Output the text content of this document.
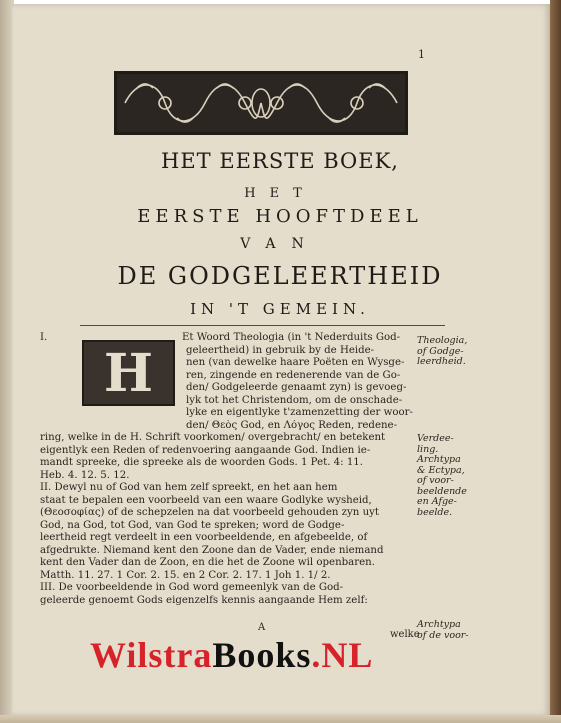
1
HET EERSTE BOEK,
HET
EERSTE HOOFTDEEL
VAN
DE GODGELEERTHEID
IN 'T GEMEIN.
H
I.	Et Woord Theologia (in 't Nederduits God-
geleertheid) in gebruik by de Heide-
nen (van dewelke haare Poëten en Wysge-
ren, zingende en redenerende van de Go-
den/ Godgeleerde genaamt zyn) is gevoeg-
lyk tot het Christendom, om de onschade-
lyke en eigentlyke t'zamenzetting der woor-
den/ Θεὸς God, en Λόγος Reden, redene-
ring, welke in de H. Schrift voorkomen/ overgebracht/ en betekent
eigentlyk een Reden of redenvoering aangaande God. Indien ie-
mandt spreeke, die spreeke als de woorden Gods. 1 Pet. 4: 11.
Heb. 4. 12. 5. 12.
II. Dewyl nu of God van hem zelf spreekt, en het aan hem
staat te bepalen een voorbeeld van een waare Godlyke wysheid,
(Θεοσοφίας) of de schepzelen na dat voorbeeld gehouden zyn uyt
God, na God, tot God, van God te spreken; word de Godge-
leertheid regt verdeelt in een voorbeeldende, en afgebeelde, of
afgedrukte. Niemand kent den Zoone dan de Vader, ende niemand
kent den Vader dan de Zoon, en die het de Zoone wil openbaren.
Matth. 11. 27. 1 Cor. 2. 15. en 2 Cor. 2. 17. 1 Joh 1. 1/ 2.
III. De voorbeeldende in God word gemeenlyk van de God-
geleerde genoemt Gods eigenzelfs kennis aangaande Hem zelf:
Theologia,
of Godge-
leerdheid.
Verdee-
ling.
Archtypa
& Ectypa,
of voor-
beeldende
en Afge-
beelde.
Archtypa
of de voor-
A
welke
WilstraBooks.NL
